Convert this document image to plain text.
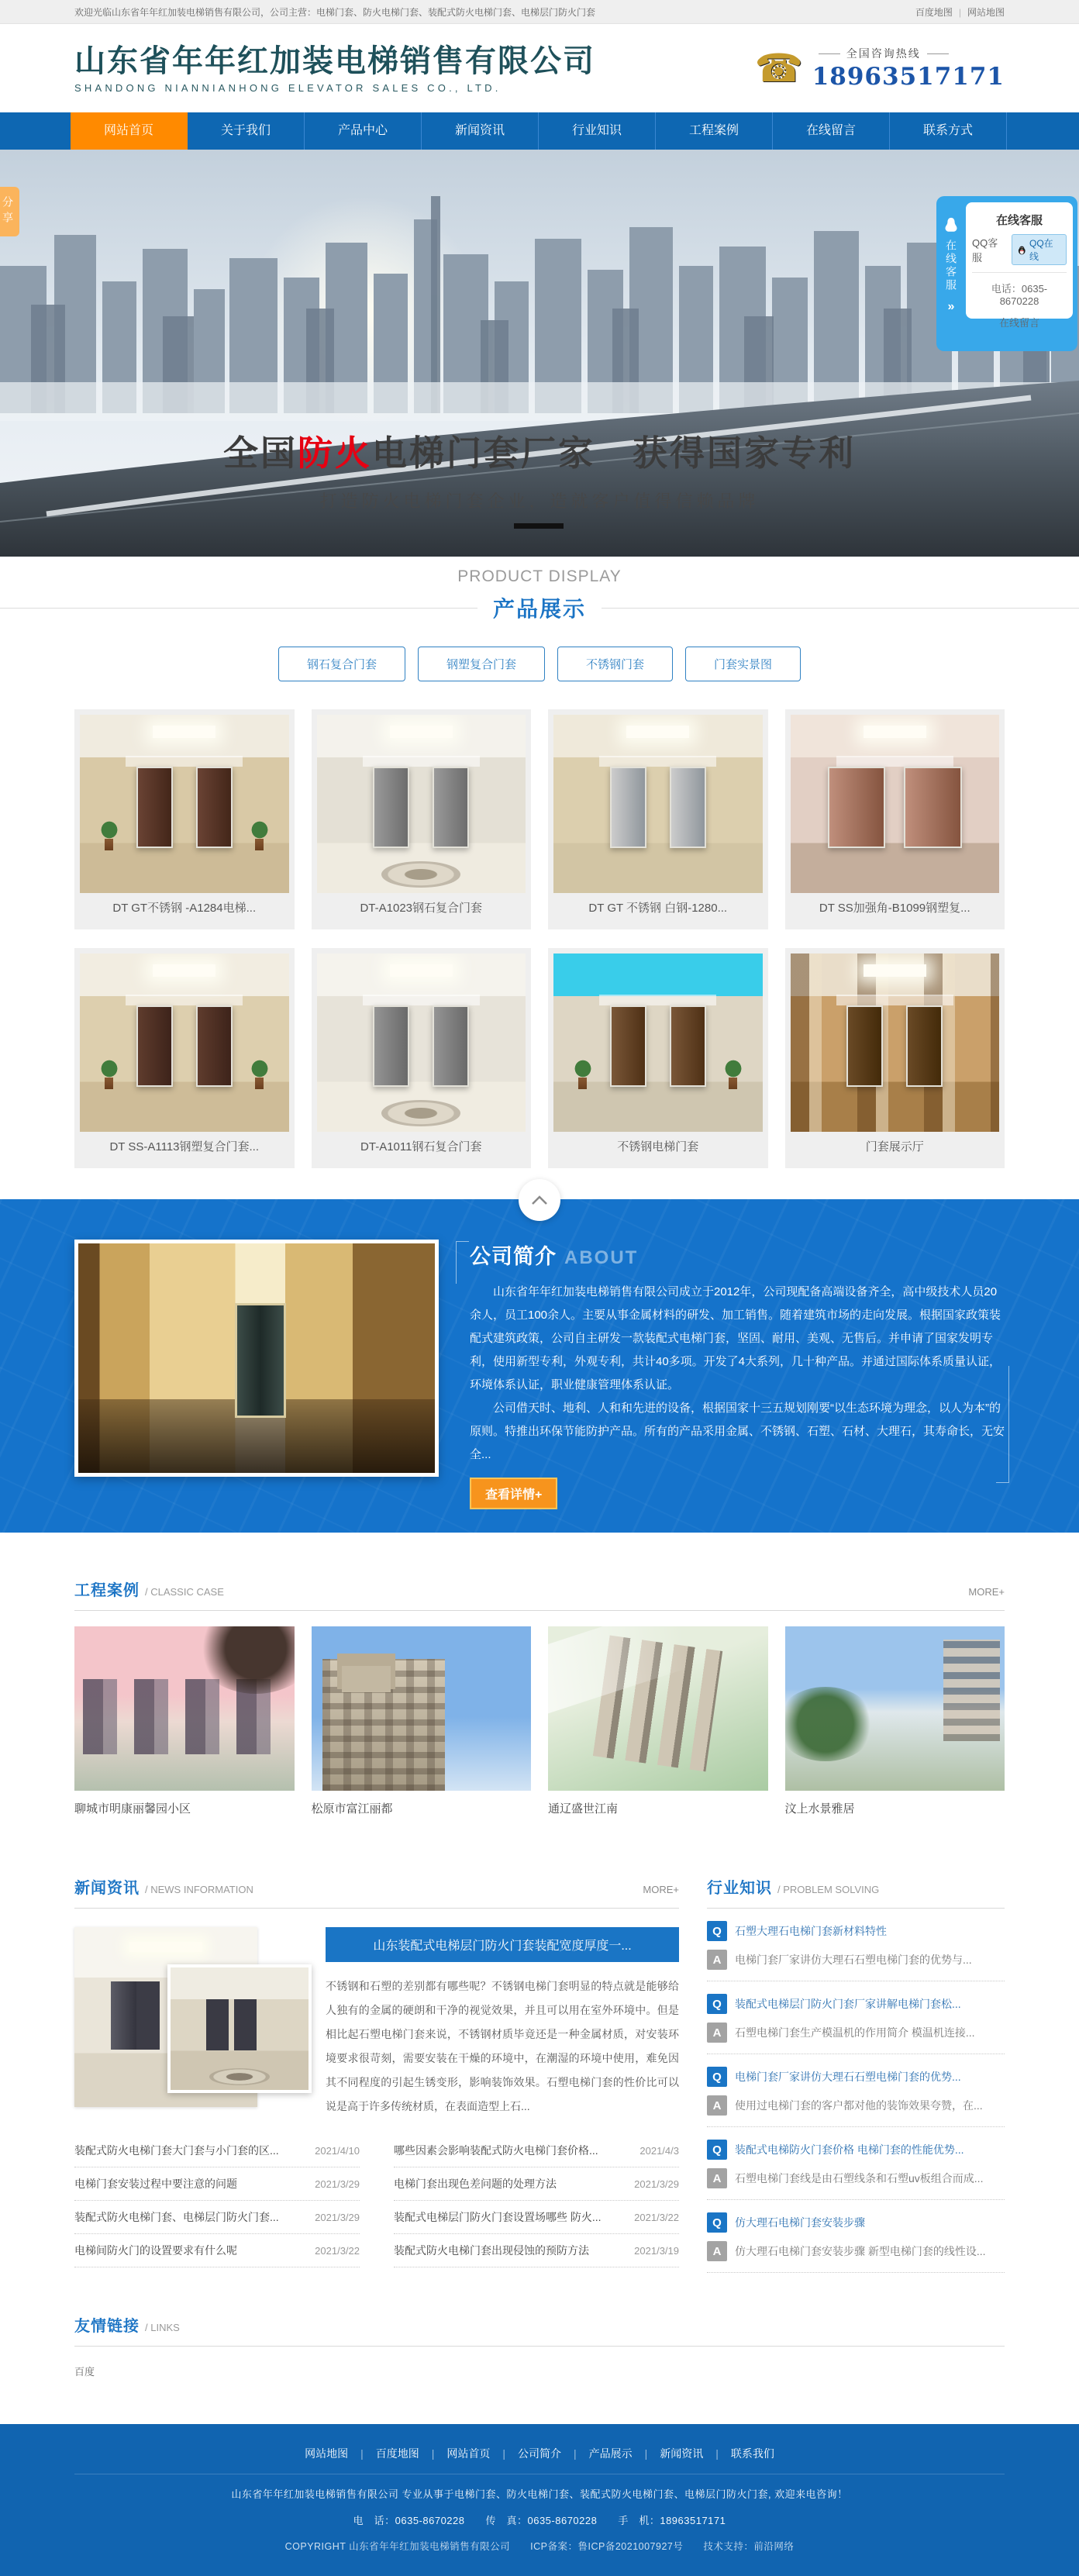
欢迎光临山东省年年红加装电梯销售有限公司，公司主营：电梯门套、防火电梯门套、装配式防火电梯门套、电梯层门防火门套	百度地图 | 网站地图
山东省年年红加装电梯销售有限公司
SHANDONG NIANNIANHONG ELEVATOR SALES CO., LTD.	☎	全国咨询热线
18963517171
网站首页	关于我们	产品中心	新闻资讯	行业知识	工程案例	在线留言	联系方式
分享
全国防火电梯门套厂家　获得国家专利
打造防火电梯门套企业，造就客户值得信赖品牌
在线客服
»
在线客服
QQ客服
QQ在线
电话：0635-8670228
在线留言
PRODUCT DISPLAY
产品展示
钢石复合门套	钢塑复合门套	不锈钢门套	门套实景图
DT GT不锈钢 -A1284电梯...	DT-A1023钢石复合门套	DT GT 不锈钢 白钢-1280...	DT SS加强角-B1099钢塑复...
DT SS-A1113钢塑复合门套...	DT-A1011钢石复合门套	不锈钢电梯门套	门套展示厅
公司简介 ABOUT
山东省年年红加装电梯销售有限公司成立于2012年，公司现配备高端设备齐全，高中级技术人员20余人，员工100余人。主要从事金属材料的研发、加工销售。随着建筑市场的走向发展。根据国家政策装配式建筑政策，公司自主研发一款装配式电梯门套，坚固、耐用、美观、无售后。并申请了国家发明专利，使用新型专利，外观专利，共计40多项。开发了4大系列，几十种产品。并通过国际体系质量认证，环境体系认证，职业健康管理体系认证。
公司借天时、地利、人和和先进的设备，根据国家十三五规划刚要“以生态环境为理念，以人为本”的原则。特推出环保节能防护产品。所有的产品采用金属、不锈钢、石塑、石材、大理石，其寿命长，无安全...
查看详情+
工程案例 / CLASSIC CASE	MORE+
聊城市明康丽馨园小区	松原市富江丽都	通辽盛世江南	汶上水景雅居
新闻资讯 / NEWS INFORMATION	MORE+
山东装配式电梯层门防火门套装配宽度厚度一...
不锈钢和石塑的差别都有哪些呢？不锈钢电梯门套明显的特点就是能够给人独有的金属的硬朗和干净的视觉效果，并且可以用在室外环境中。但是相比起石塑电梯门套来说，不锈钢材质毕竟还是一种金属材质，对安装环境要求很苛刻，需要安装在干燥的环境中，在潮湿的环境中使用，难免因其不同程度的引起生锈变形，影响装饰效果。石塑电梯门套的性价比可以说是高于许多传统材质，在表面造型上石...
装配式防火电梯门套大门套与小门套的区...	2021/4/10	哪些因素会影响装配式防火电梯门套价格...	2021/4/3
电梯门套安装过程中要注意的问题	2021/3/29	电梯门套出现色差问题的处理方法	2021/3/29
装配式防火电梯门套、电梯层门防火门套...	2021/3/29	装配式电梯层门防火门套设置场哪些 防火...	2021/3/22
电梯间防火门的设置要求有什么呢	2021/3/22	装配式防火电梯门套出现侵蚀的预防方法	2021/3/19
行业知识 / PROBLEM SOLVING
Q	石塑大理石电梯门套新材料特性
A	电梯门套厂家讲仿大理石石塑电梯门套的优势与...
Q	装配式电梯层门防火门套厂家讲解电梯门套松...
A	石塑电梯门套生产模温机的作用简介 模温机连接...
Q	电梯门套厂家讲仿大理石石塑电梯门套的优势...
A	使用过电梯门套的客户都对他的装饰效果夸赞，在...
Q	装配式电梯防火门套价格 电梯门套的性能优势...
A	石塑电梯门套线是由石塑线条和石塑uv板组合而成...
Q	仿大理石电梯门套安装步骤
A	仿大理石电梯门套安装步骤 新型电梯门套的线性设...
友情链接 / LINKS
百度
网站地图	| 百度地图	| 网站首页	| 公司简介	| 产品展示	| 新闻资讯	| 联系我们
山东省年年红加装电梯销售有限公司 专业从事于电梯门套、防火电梯门套、装配式防火电梯门套、电梯层门防火门套, 欢迎来电咨询！
电　话：0635-8670228　　传　真：0635-8670228　　手　机：18963517171
COPYRIGHT 山东省年年红加装电梯销售有限公司　　ICP备案：鲁ICP备2021007927号　　技术支持：前沿网络
